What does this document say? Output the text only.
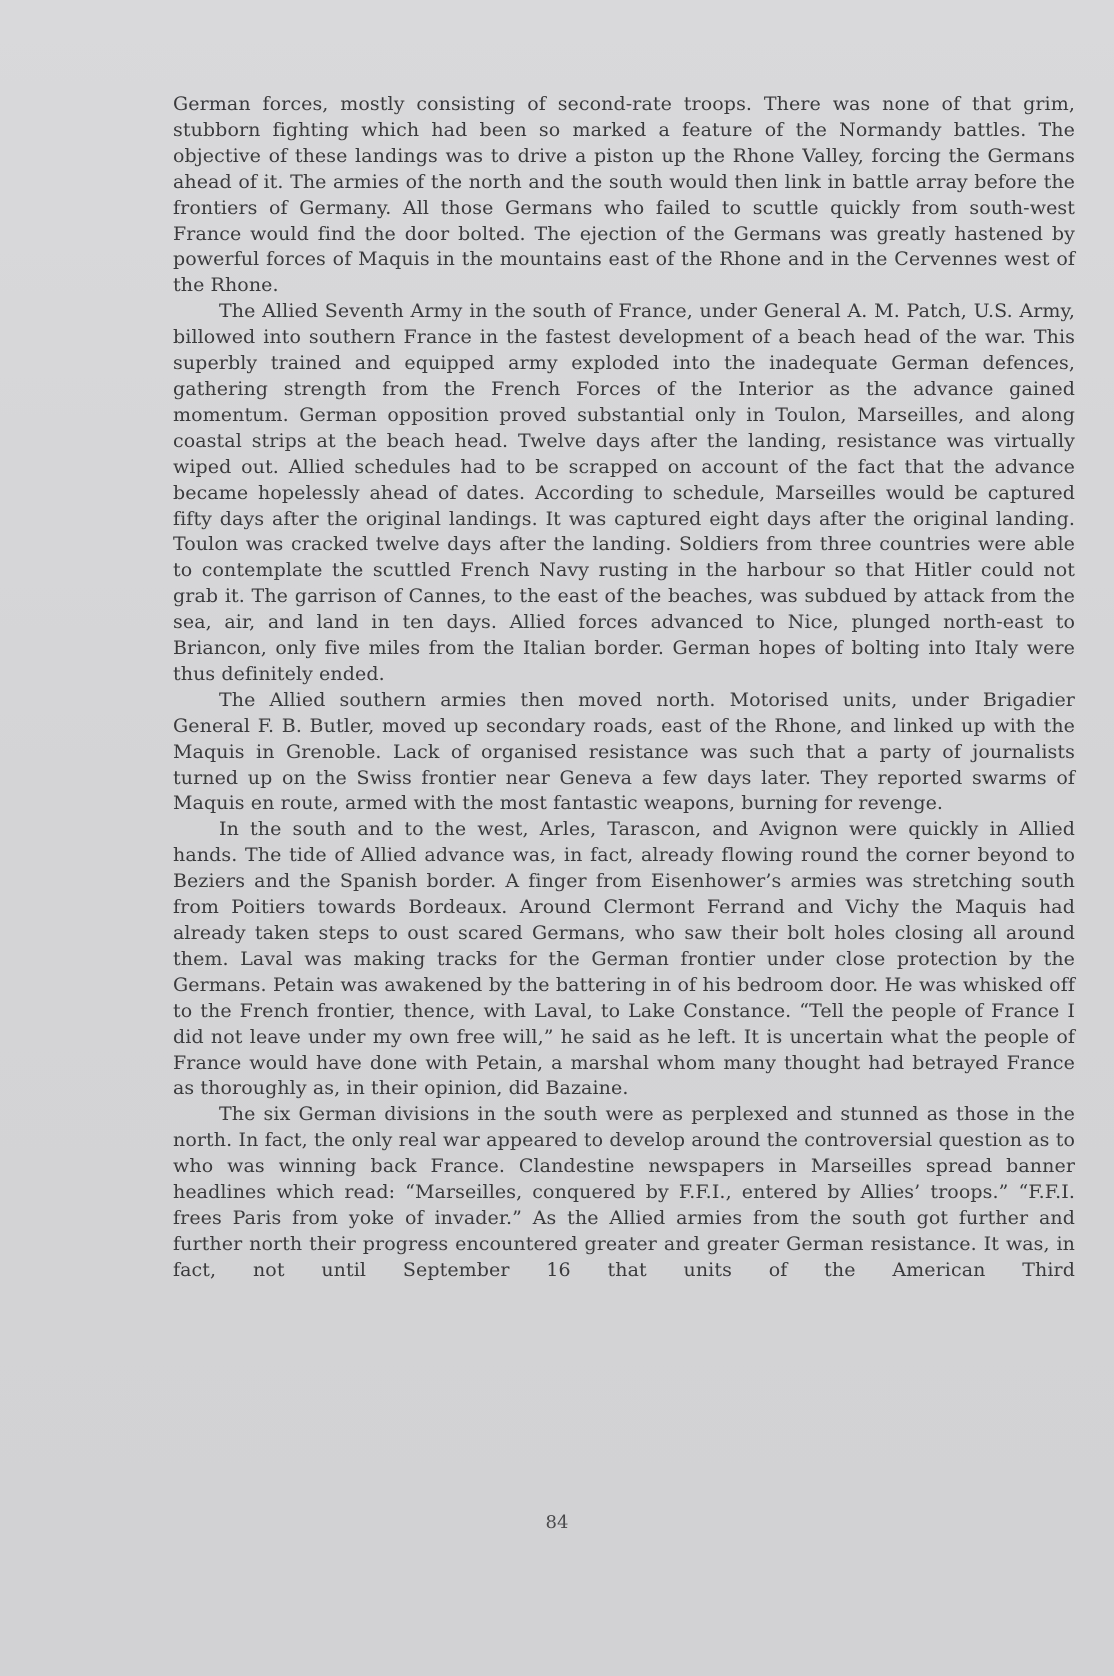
German forces, mostly consisting of second-rate troops. There was none of that grim, stubborn fighting which had been so marked a feature of the Normandy battles. The objective of these landings was to drive a piston up the Rhone Valley, forcing the Germans ahead of it. The armies of the north and the south would then link in battle array before the frontiers of Germany. All those Germans who failed to scuttle quickly from south-west France would find the door bolted. The ejection of the Germans was greatly hastened by powerful forces of Maquis in the mountains east of the Rhone and in the Cervennes west of the Rhone.

The Allied Seventh Army in the south of France, under General A. M. Patch, U.S. Army, billowed into southern France in the fastest development of a beach head of the war. This superbly trained and equipped army exploded into the inadequate German defences, gathering strength from the French Forces of the Interior as the advance gained momentum. German opposition proved substantial only in Toulon, Marseilles, and along coastal strips at the beach head. Twelve days after the landing, resistance was virtually wiped out. Allied schedules had to be scrapped on account of the fact that the advance became hopelessly ahead of dates. According to schedule, Marseilles would be captured fifty days after the original landings. It was captured eight days after the original landing. Toulon was cracked twelve days after the landing. Soldiers from three countries were able to contemplate the scuttled French Navy rusting in the harbour so that Hitler could not grab it. The garrison of Cannes, to the east of the beaches, was subdued by attack from the sea, air, and land in ten days. Allied forces advanced to Nice, plunged north-east to Briancon, only five miles from the Italian border. German hopes of bolting into Italy were thus definitely ended.

The Allied southern armies then moved north. Motorised units, under Brigadier General F. B. Butler, moved up secondary roads, east of the Rhone, and linked up with the Maquis in Grenoble. Lack of organised resistance was such that a party of journalists turned up on the Swiss frontier near Geneva a few days later. They reported swarms of Maquis en route, armed with the most fantastic weapons, burning for revenge.

In the south and to the west, Arles, Tarascon, and Avignon were quickly in Allied hands. The tide of Allied advance was, in fact, already flowing round the corner beyond to Beziers and the Spanish border. A finger from Eisenhower’s armies was stretching south from Poitiers towards Bordeaux. Around Clermont Ferrand and Vichy the Maquis had already taken steps to oust scared Germans, who saw their bolt holes closing all around them. Laval was making tracks for the German frontier under close protection by the Germans. Petain was awakened by the battering in of his bedroom door. He was whisked off to the French frontier, thence, with Laval, to Lake Constance. “Tell the people of France I did not leave under my own free will,” he said as he left. It is uncertain what the people of France would have done with Petain, a marshal whom many thought had betrayed France as thoroughly as, in their opinion, did Bazaine.

The six German divisions in the south were as perplexed and stunned as those in the north. In fact, the only real war appeared to develop around the controversial question as to who was winning back France. Clandestine newspapers in Marseilles spread banner headlines which read: “Marseilles, conquered by F.F.I., entered by Allies’ troops.” “F.F.I. frees Paris from yoke of invader.” As the Allied armies from the south got further and further north their progress encountered greater and greater German resistance. It was, in fact, not until September 16 that units of the American Third

84
